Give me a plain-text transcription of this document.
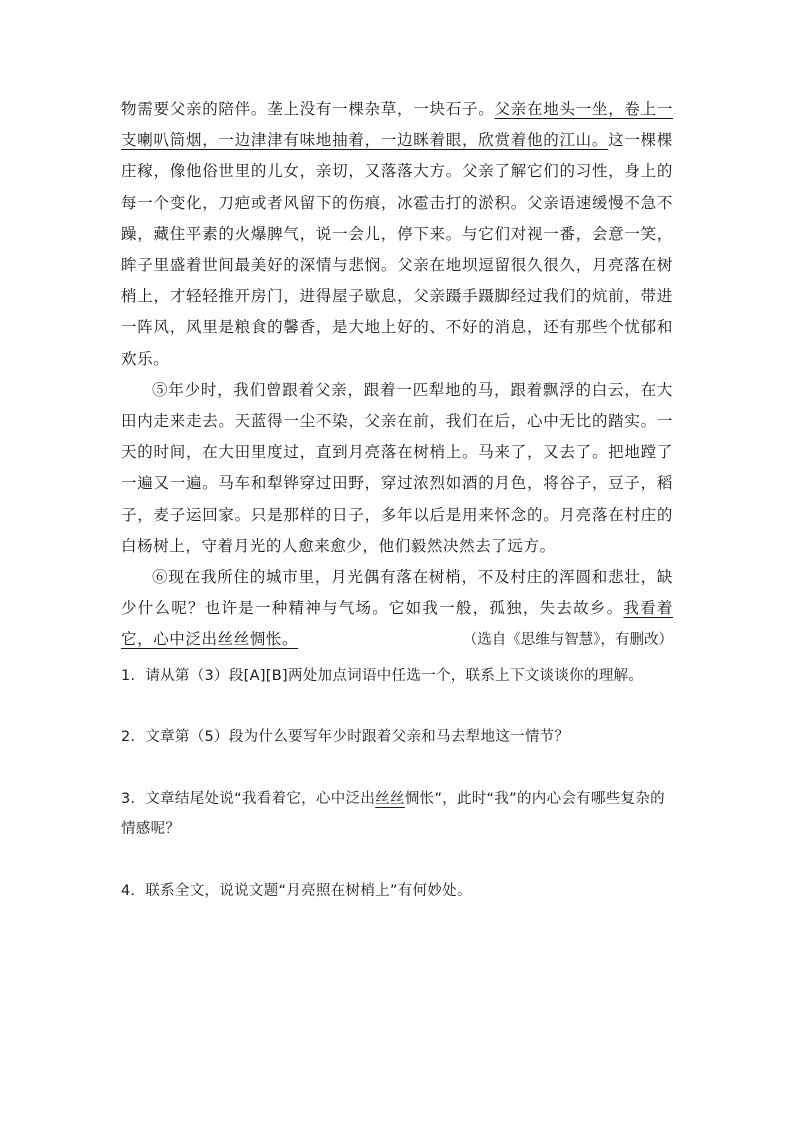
物需要父亲的陪伴。垄上没有一棵杂草，一块石子。父亲在地头一坐，卷上一支喇叭筒烟，一边津津有味地抽着，一边眯着眼，欣赏着他的江山。这一棵棵庄稼，像他俗世里的儿女，亲切，又落落大方。父亲了解它们的习性，身上的每一个变化，刀疤或者风留下的伤痕，冰雹击打的淤积。父亲语速缓慢不急不躁，藏住平素的火爆脾气，说一会儿，停下来。与它们对视一番，会意一笑，眸子里盛着世间最美好的深情与悲悯。父亲在地坝逗留很久很久，月亮落在树梢上，才轻轻推开房门，进得屋子歇息，父亲蹑手蹑脚经过我们的炕前，带进一阵风，风里是粮食的馨香，是大地上好的、不好的消息，还有那些个忧郁和欢乐。

⑤年少时，我们曾跟着父亲，跟着一匹犁地的马，跟着飘浮的白云，在大田内走来走去。天蓝得一尘不染，父亲在前，我们在后，心中无比的踏实。一天的时间，在大田里度过，直到月亮落在树梢上。马来了，又去了。把地蹚了一遍又一遍。马车和犁铧穿过田野，穿过浓烈如酒的月色，将谷子，豆子，稻子，麦子运回家。只是那样的日子，多年以后是用来怀念的。月亮落在村庄的白杨树上，守着月光的人愈来愈少，他们毅然决然去了远方。

⑥现在我所住的城市里，月光偶有落在树梢，不及村庄的浑圆和悲壮，缺少什么呢？也许是一种精神与气场。它如我一般，孤独，失去故乡。我看着它，心中泛出丝丝惆怅。	（选自《思维与智慧》，有删改）
1．请从第（3）段[A][B]两处加点词语中任选一个，联系上下文谈谈你的理解。
2．文章第（5）段为什么要写年少时跟着父亲和马去犁地这一情节？
3．文章结尾处说“我看着它，心中泛出丝丝惆怅”，此时“我”的内心会有哪些复杂的情感呢？
4．联系全文，说说文题“月亮照在树梢上”有何妙处。
